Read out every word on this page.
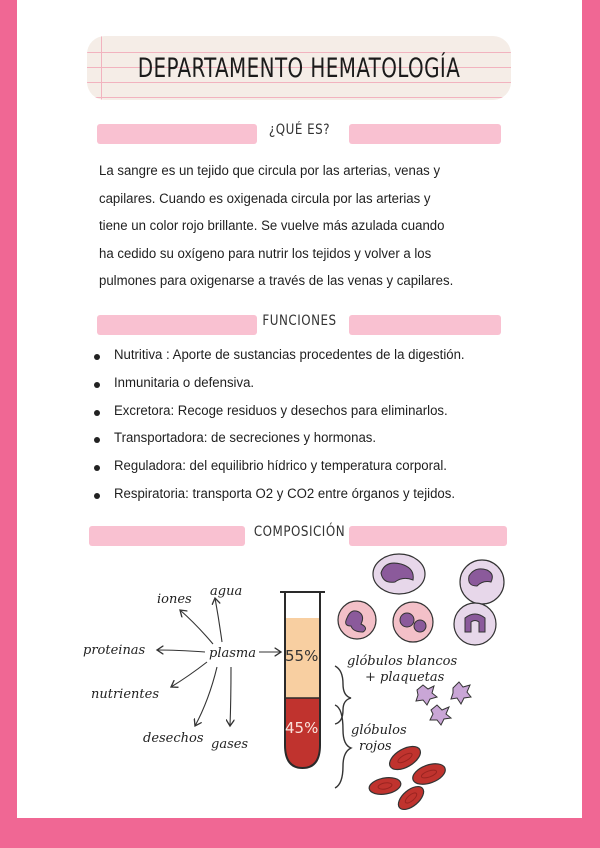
DEPARTAMENTO HEMATOLOGÍA
¿QUÉ ES?
La sangre es un tejido que circula por las arterias, venas y
capilares. Cuando es oxigenada circula por las arterias y
tiene un color rojo brillante. Se vuelve más azulada cuando
ha cedido su oxígeno para nutrir los tejidos y volver a los
pulmones para oxigenarse a través de las venas y capilares.
FUNCIONES
Nutritiva : Aporte de sustancias procedentes de la digestión.
Inmunitaria o defensiva.
Excretora: Recoge residuos y desechos para eliminarlos.
Transportadora: de secreciones y hormonas.
Reguladora: del equilibrio hídrico y temperatura corporal.
Respiratoria: transporta O2 y CO2 entre órganos y tejidos.
COMPOSICIÓN
plasma
agua
iones
proteinas
nutrientes
desechos gases
55%
45%
glóbulos blancos
+ plaquetas
glóbulos
rojos
